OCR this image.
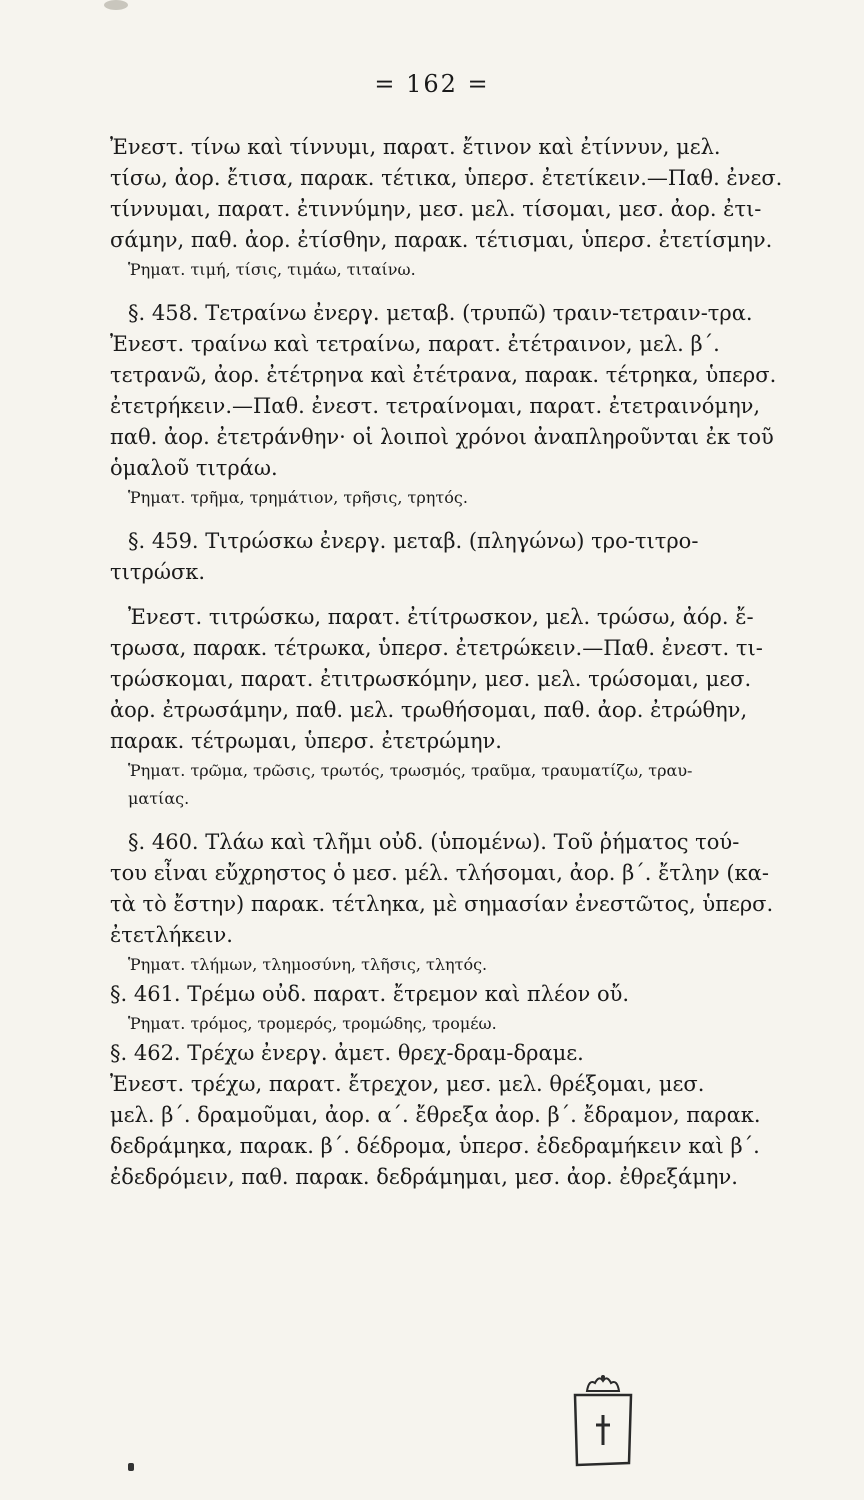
= 162 =
Ἐνεστ. τίνω καὶ τίννυμι, παρατ. ἔτινον καὶ ἐτίννυν, μελ.
τίσω, ἀορ. ἔτισα, παρακ. τέτικα, ὑπερσ. ἐτετίκειν.—Παθ. ἐνεσ.
τίννυμαι, παρατ. ἐτιννύμην, μεσ. μελ. τίσομαι, μεσ. ἀορ. ἐτι-
σάμην, παθ. ἀορ. ἐτίσθην, παρακ. τέτισμαι, ὑπερσ. ἐτετίσμην.
Ῥηματ. τιμή, τίσις, τιμάω, τιταίνω.
§. 458. Τετραίνω ἐνεργ. μεταβ. (τρυπῶ) τραιν-τετραιν-τρα.
Ἐνεστ. τραίνω καὶ τετραίνω, παρατ. ἐτέτραινον, μελ. β΄.
τετρανῶ, ἀορ. ἐτέτρηνα καὶ ἐτέτρανα, παρακ. τέτρηκα, ὑπερσ.
ἐτετρήκειν.—Παθ. ἐνεστ. τετραίνομαι, παρατ. ἐτετραινόμην,
παθ. ἀορ. ἐτετράνθην· οἱ λοιποὶ χρόνοι ἀναπληροῦνται ἐκ τοῦ
ὁμαλοῦ τιτράω.
Ῥηματ. τρῆμα, τρημάτιον, τρῆσις, τρητός.
§. 459. Τιτρώσκω ἐνεργ. μεταβ. (πληγώνω) τρο-τιτρο-
τιτρώσκ.
Ἐνεστ. τιτρώσκω, παρατ. ἐτίτρωσκον, μελ. τρώσω, ἀόρ. ἔ-
τρωσα, παρακ. τέτρωκα, ὑπερσ. ἐτετρώκειν.—Παθ. ἐνεστ. τι-
τρώσκομαι, παρατ. ἐτιτρωσκόμην, μεσ. μελ. τρώσομαι, μεσ.
ἀορ. ἐτρωσάμην, παθ. μελ. τρωθήσομαι, παθ. ἀορ. ἐτρώθην,
παρακ. τέτρωμαι, ὑπερσ. ἐτετρώμην.
Ῥηματ. τρῶμα, τρῶσις, τρωτός, τρωσμός, τραῦμα, τραυματίζω, τραυ-
ματίας.
§. 460. Τλάω καὶ τλῆμι οὐδ. (ὑπομένω). Τοῦ ῥήματος τού-
του εἶναι εὔχρηστος ὁ μεσ. μέλ. τλήσομαι, ἀορ. β΄. ἔτλην (κα-
τὰ τὸ ἔστην) παρακ. τέτληκα, μὲ σημασίαν ἐνεστῶτος, ὑπερσ.
ἐτετλήκειν.
Ῥηματ. τλήμων, τλημοσύνη, τλῆσις, τλητός.
§. 461. Τρέμω οὐδ. παρατ. ἔτρεμον καὶ πλέον οὔ.
Ῥηματ. τρόμος, τρομερός, τρομώδης, τρομέω.
§. 462. Τρέχω ἐνεργ. ἀμετ. θρεχ-δραμ-δραμε.
Ἐνεστ. τρέχω, παρατ. ἔτρεχον, μεσ. μελ. θρέξομαι, μεσ.
μελ. β΄. δραμοῦμαι, ἀορ. α΄. ἔθρεξα ἀορ. β΄. ἔδραμον, παρακ.
δεδράμηκα, παρακ. β΄. δέδρομα, ὑπερσ. ἐδεδραμήκειν καὶ β΄.
ἐδεδρόμειν, παθ. παρακ. δεδράμημαι, μεσ. ἀορ. ἐθρεξάμην.
